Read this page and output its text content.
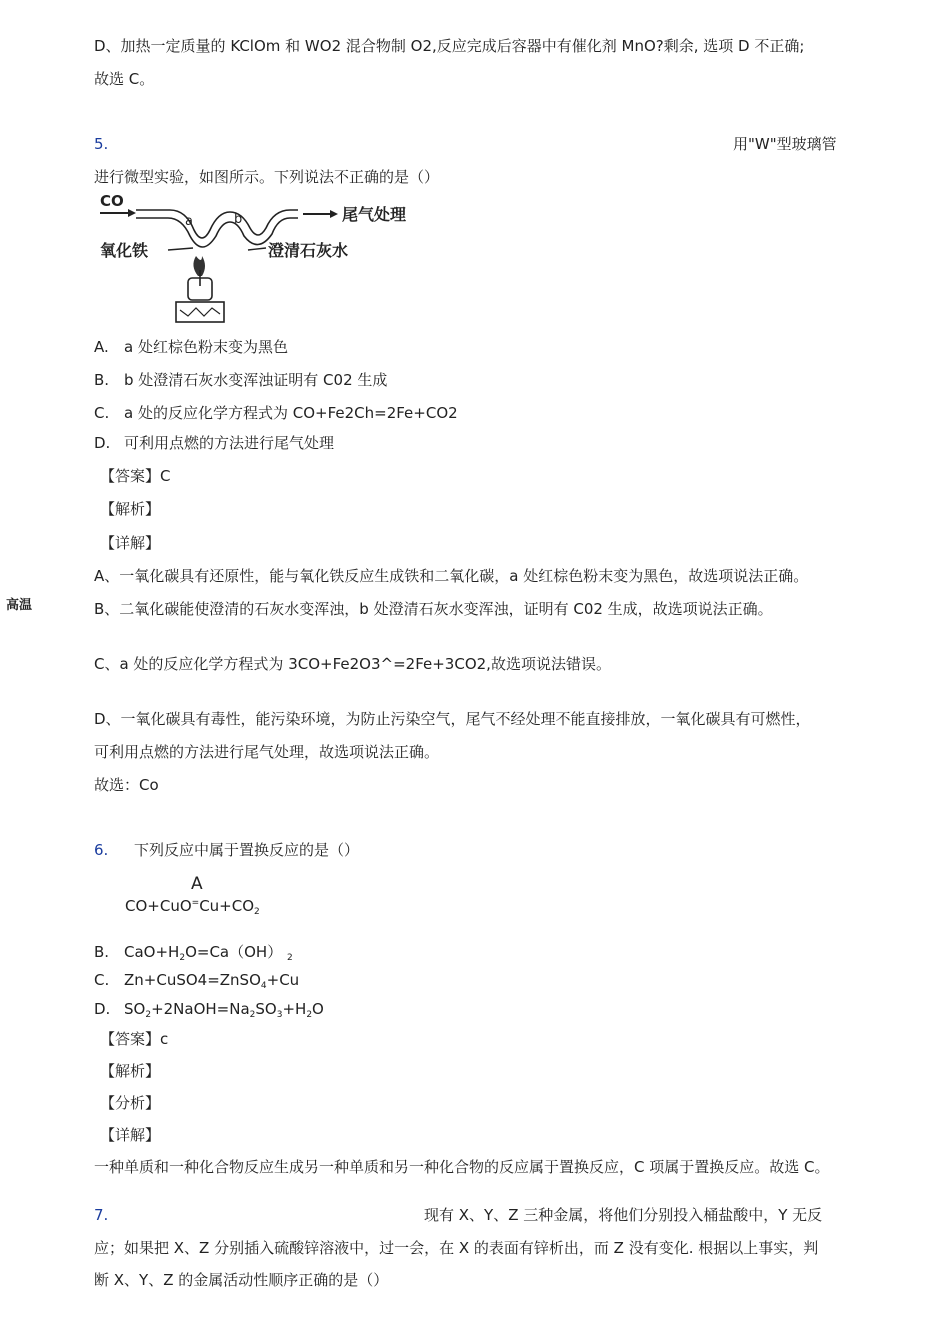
D、加热一定质量的 KClOm 和 WO2 混合物制 O2,反应完成后容器中有催化剂 MnO?剩余, 选项 D 不正确;
故选 C。
5.	用"W"型玻璃管
进行微型实验，如图所示。下列说法不正确的是（）
CO
a	b	尾气处理
氧化铁	澄清石灰水
A. a 处红棕色粉末变为黑色
B. b 处澄清石灰水变浑浊证明有 C02 生成
C. a 处的反应化学方程式为 CO+Fe2Ch=2Fe+CO2
D. 可利用点燃的方法进行尾气处理
【答案】C
【解析】
【详解】
A、一氧化碳具有还原性，能与氧化铁反应生成铁和二氧化碳，a 处红棕色粉末变为黑色，故选项说法正确。
高温	B、二氧化碳能使澄清的石灰水变浑浊，b 处澄清石灰水变浑浊，证明有 C02 生成，故选项说法正确。
C、a 处的反应化学方程式为 3CO+Fe2O3^=2Fe+3CO2,故选项说法错误。
D、一氧化碳具有毒性，能污染环境，为防止污染空气，尾气不经处理不能直接排放，一氧化碳具有可燃性，
可利用点燃的方法进行尾气处理，故选项说法正确。
故选：Co
6. 下列反应中属于置换反应的是（）
A
$CO+CuO^=Cu+CO_2$
B. $CaO+H_2O=Ca(OH)$ $_2$
C. Zn+CuSO4=ZnSO$_4$+Cu
D. $SO_2+2NaOH=Na_2SO_3+H_2O$
【答案】c
【解析】
【分析】
【详解】
一种单质和一种化合物反应生成另一种单质和另一种化合物的反应属于置换反应，C 项属于置换反应。故选 C。
7.	现有 X、Y、Z 三种金属，将他们分别投入桶盐酸中，Y 无反
应；如果把 X、Z 分别插入硫酸锌溶液中，过一会，在 X 的表面有锌析出，而 Z 没有变化. 根据以上事实，判
断 X、Y、Z 的金属活动性顺序正确的是（）
